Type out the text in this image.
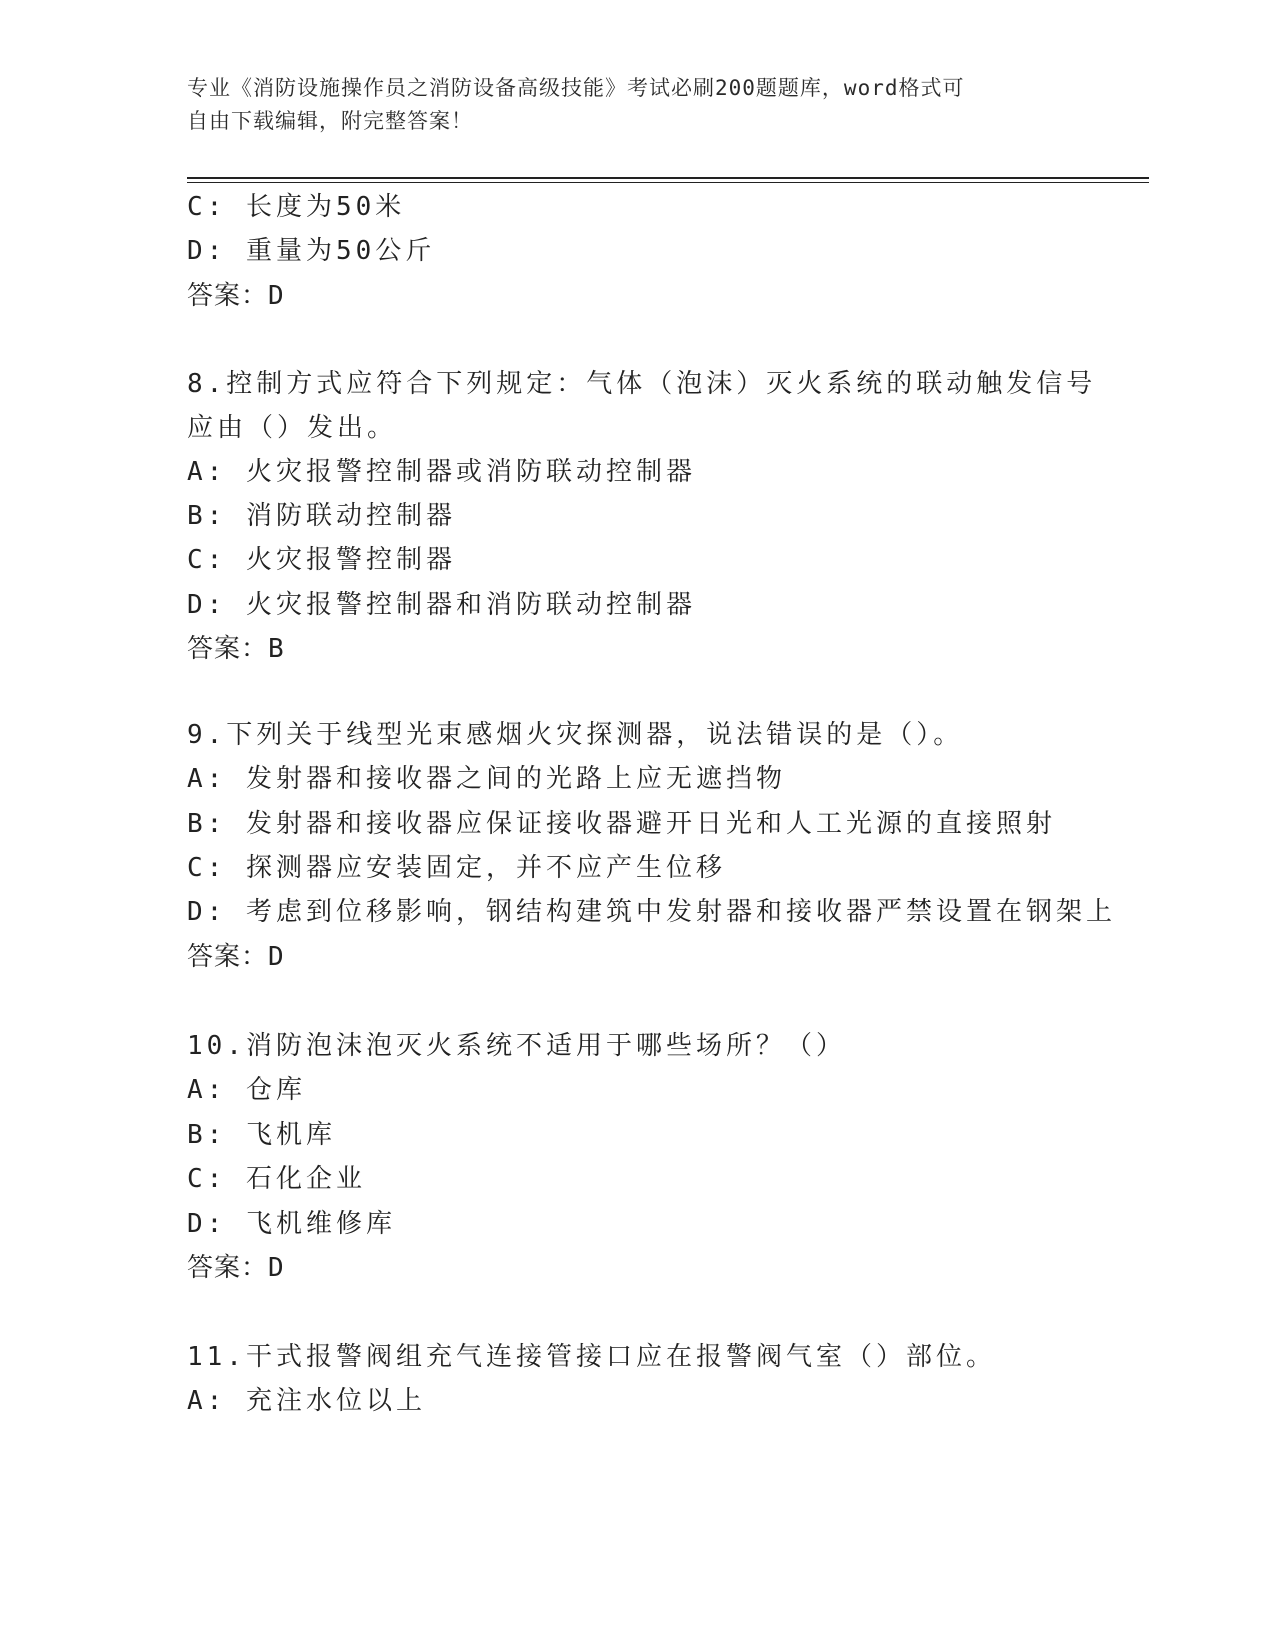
专业《消防设施操作员之消防设备高级技能》考试必刷200题题库，word格式可
自由下载编辑，附完整答案！
C: 长度为50米
D: 重量为50公斤
答案：D
8.控制方式应符合下列规定：气体（泡沫）灭火系统的联动触发信号
应由（）发出。
A: 火灾报警控制器或消防联动控制器
B: 消防联动控制器
C: 火灾报警控制器
D: 火灾报警控制器和消防联动控制器
答案：B
9.下列关于线型光束感烟火灾探测器，说法错误的是（）。
A: 发射器和接收器之间的光路上应无遮挡物
B: 发射器和接收器应保证接收器避开日光和人工光源的直接照射
C: 探测器应安装固定，并不应产生位移
D: 考虑到位移影响，钢结构建筑中发射器和接收器严禁设置在钢架上
答案：D
10.消防泡沫泡灭火系统不适用于哪些场所？（）
A: 仓库
B: 飞机库
C: 石化企业
D: 飞机维修库
答案：D
11.干式报警阀组充气连接管接口应在报警阀气室（）部位。
A: 充注水位以上
